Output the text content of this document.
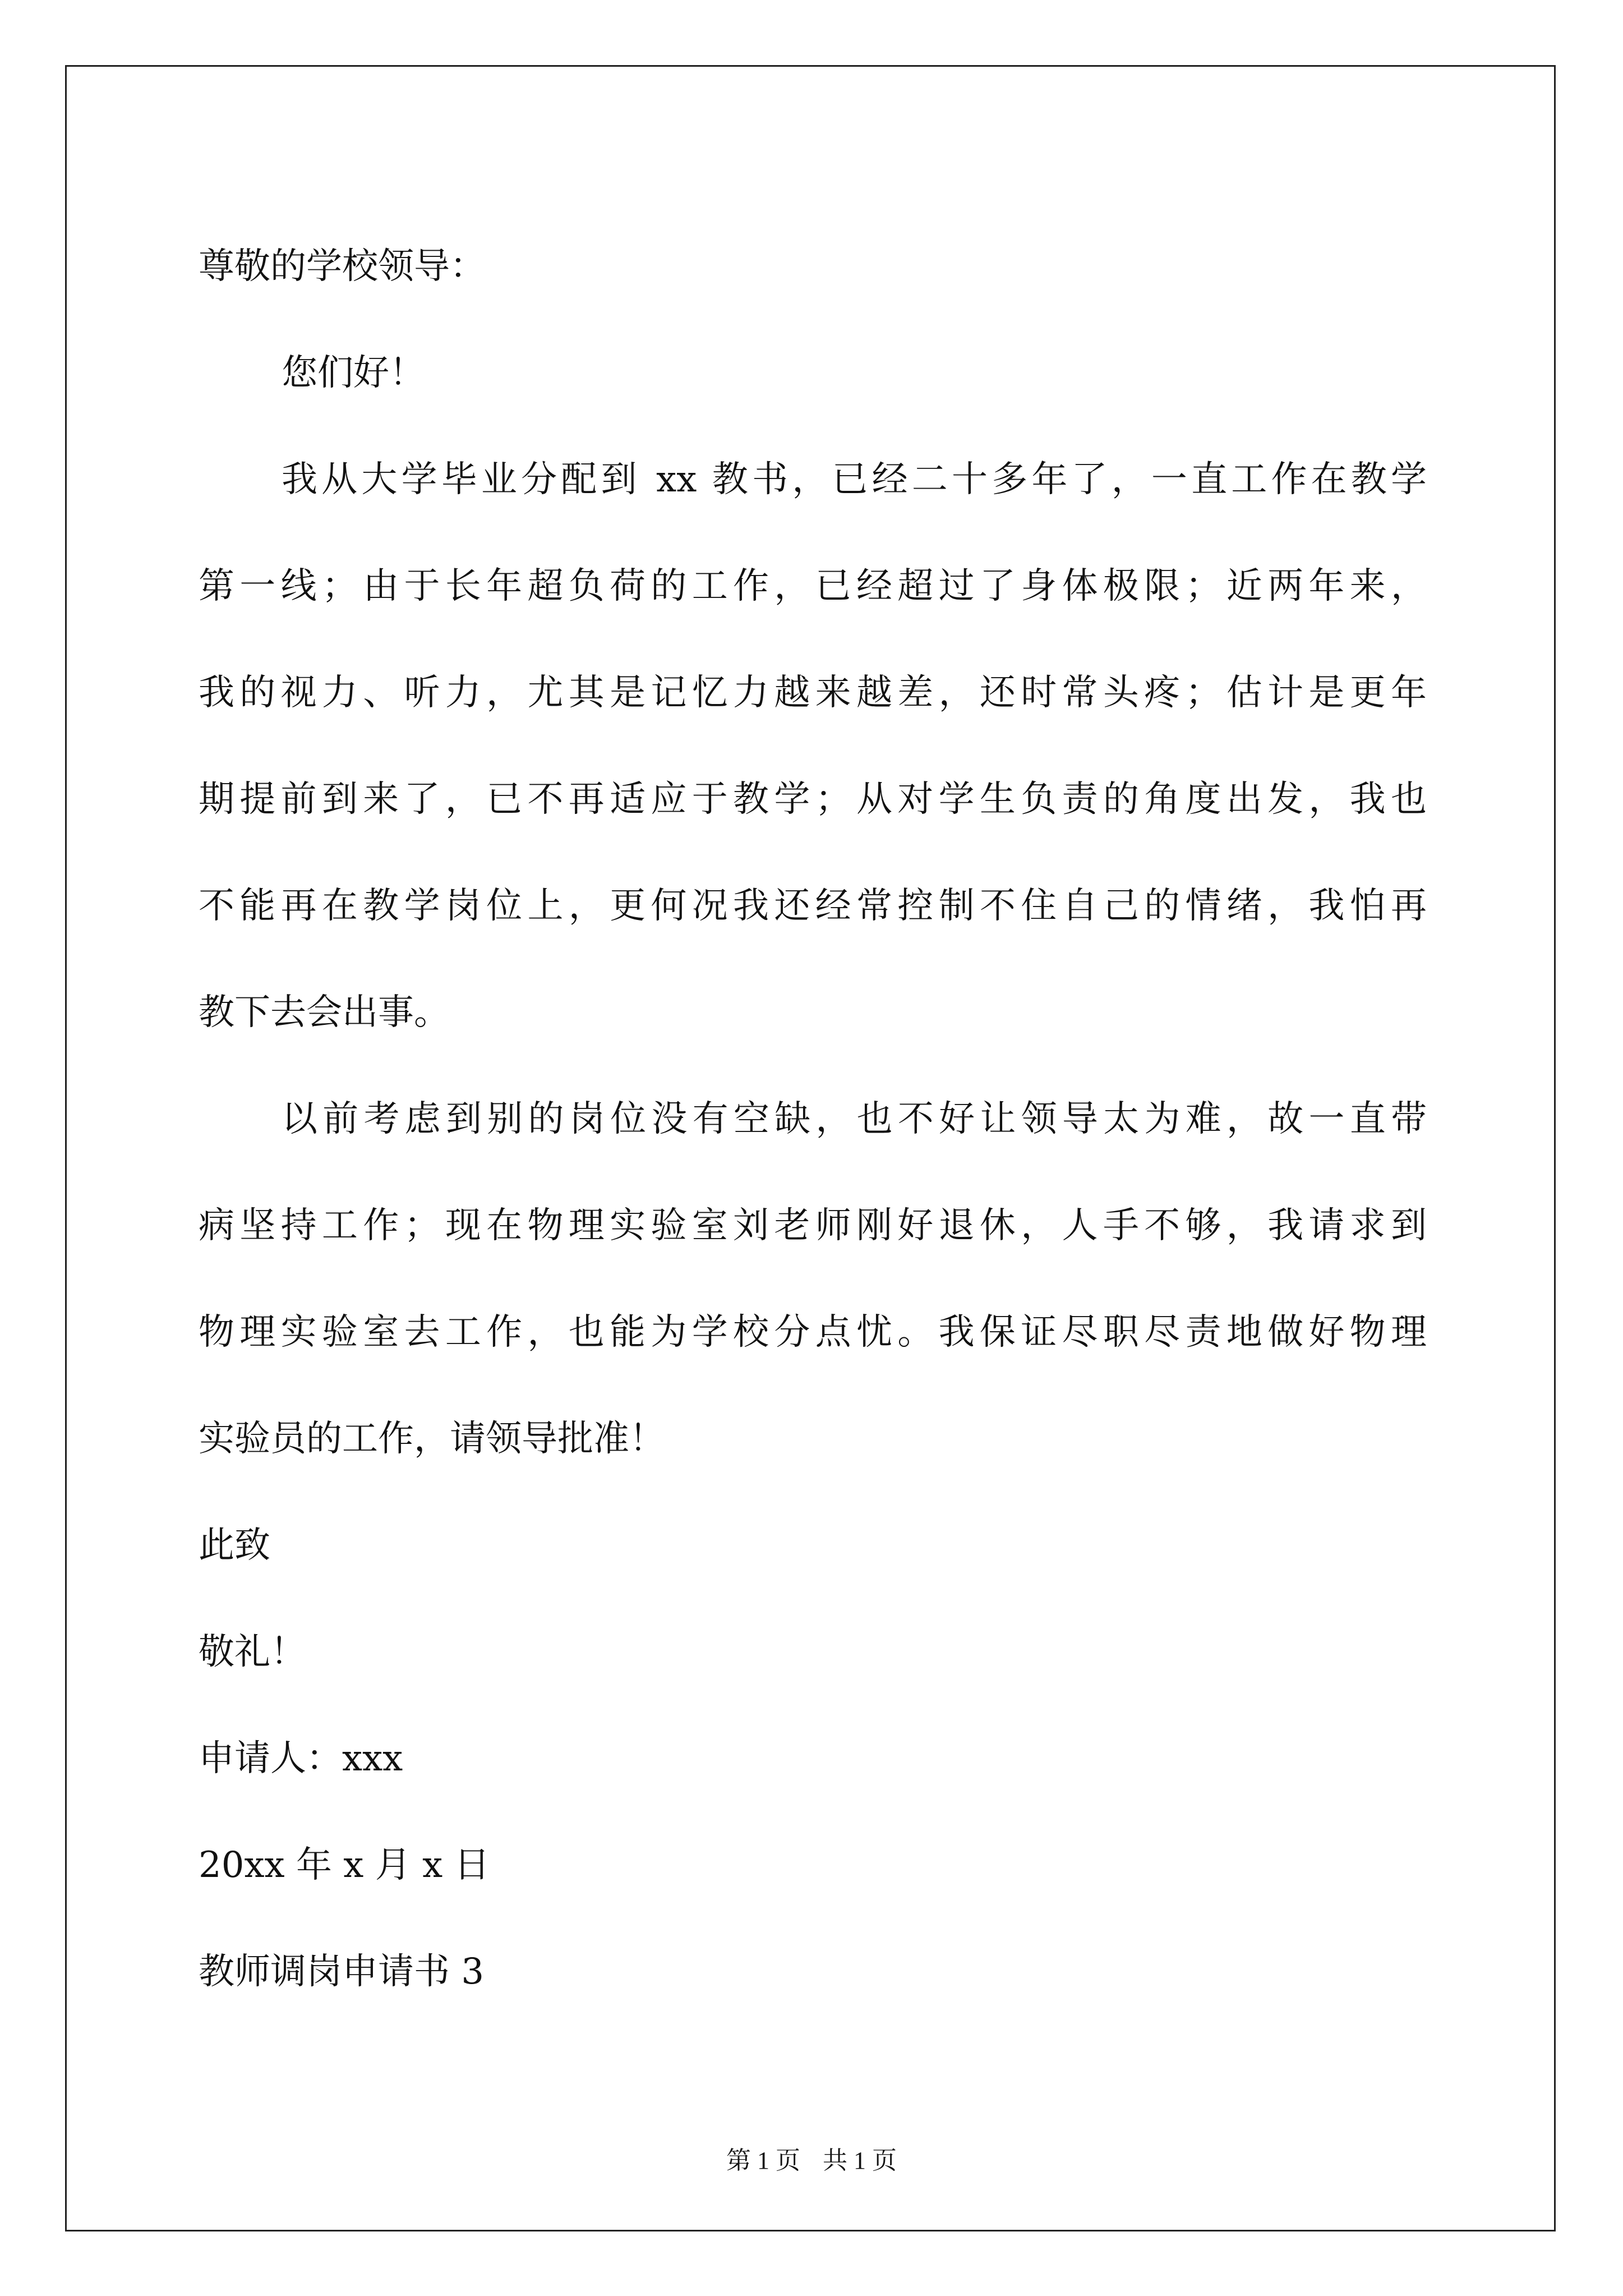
尊敬的学校领导：
您们好！
我从大学毕业分配到 xx 教书，已经二十多年了，一直工作在教学
第一线；由于长年超负荷的工作，已经超过了身体极限；近两年来，
我的视力、听力，尤其是记忆力越来越差，还时常头疼；估计是更年
期提前到来了，已不再适应于教学；从对学生负责的角度出发，我也
不能再在教学岗位上，更何况我还经常控制不住自己的情绪，我怕再
教下去会出事。
以前考虑到别的岗位没有空缺，也不好让领导太为难，故一直带
病坚持工作；现在物理实验室刘老师刚好退休，人手不够，我请求到
物理实验室去工作，也能为学校分点忧。我保证尽职尽责地做好物理
实验员的工作，请领导批准！
此致
敬礼！
申请人：xxx
20xx 年 x 月 x 日
教师调岗申请书 3
第 1 页 共 1 页
